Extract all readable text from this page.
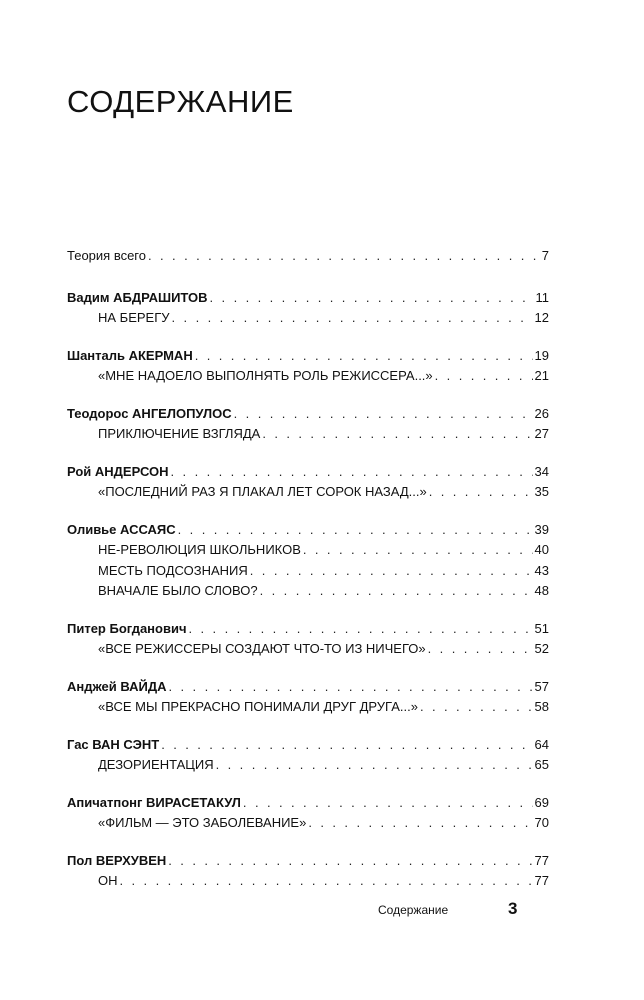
СОДЕРЖАНИЕ
Теория всего . . .	7
Вадим АБДРАШИТОВ . . .	11
НА БЕРЕГУ . . .	12
Шанталь АКЕРМАН . . .	19
«МНЕ НАДОЕЛО ВЫПОЛНЯТЬ РОЛЬ РЕЖИССЕРА...» . . .	21
Теодорос АНГЕЛОПУЛОС . . .	26
ПРИКЛЮЧЕНИЕ ВЗГЛЯДА . . .	27
Рой АНДЕРСОН . . .	34
«ПОСЛЕДНИЙ РАЗ Я ПЛАКАЛ ЛЕТ СОРОК НАЗАД...» . . .	35
Оливье АССАЯС . . .	39
НЕ-РЕВОЛЮЦИЯ ШКОЛЬНИКОВ . . .	40
МЕСТЬ ПОДСОЗНАНИЯ . . .	43
ВНАЧАЛЕ БЫЛО СЛОВО? . . .	48
Питер Богданович . . .	51
«ВСЕ РЕЖИССЕРЫ СОЗДАЮТ ЧТО-ТО ИЗ НИЧЕГО» . . .	52
Анджей ВАЙДА . . .	57
«ВСЕ МЫ ПРЕКРАСНО ПОНИМАЛИ ДРУГ ДРУГА...» . . .	58
Гас ВАН СЭНТ . . .	64
ДЕЗОРИЕНТАЦИЯ . . .	65
Апичатпонг ВИРАСЕТАКУЛ . . .	69
«ФИЛЬМ — ЭТО ЗАБОЛЕВАНИЕ» . . .	70
Пол ВЕРХУВЕН . . .	77
ОН . . .	77
Содержание	3
